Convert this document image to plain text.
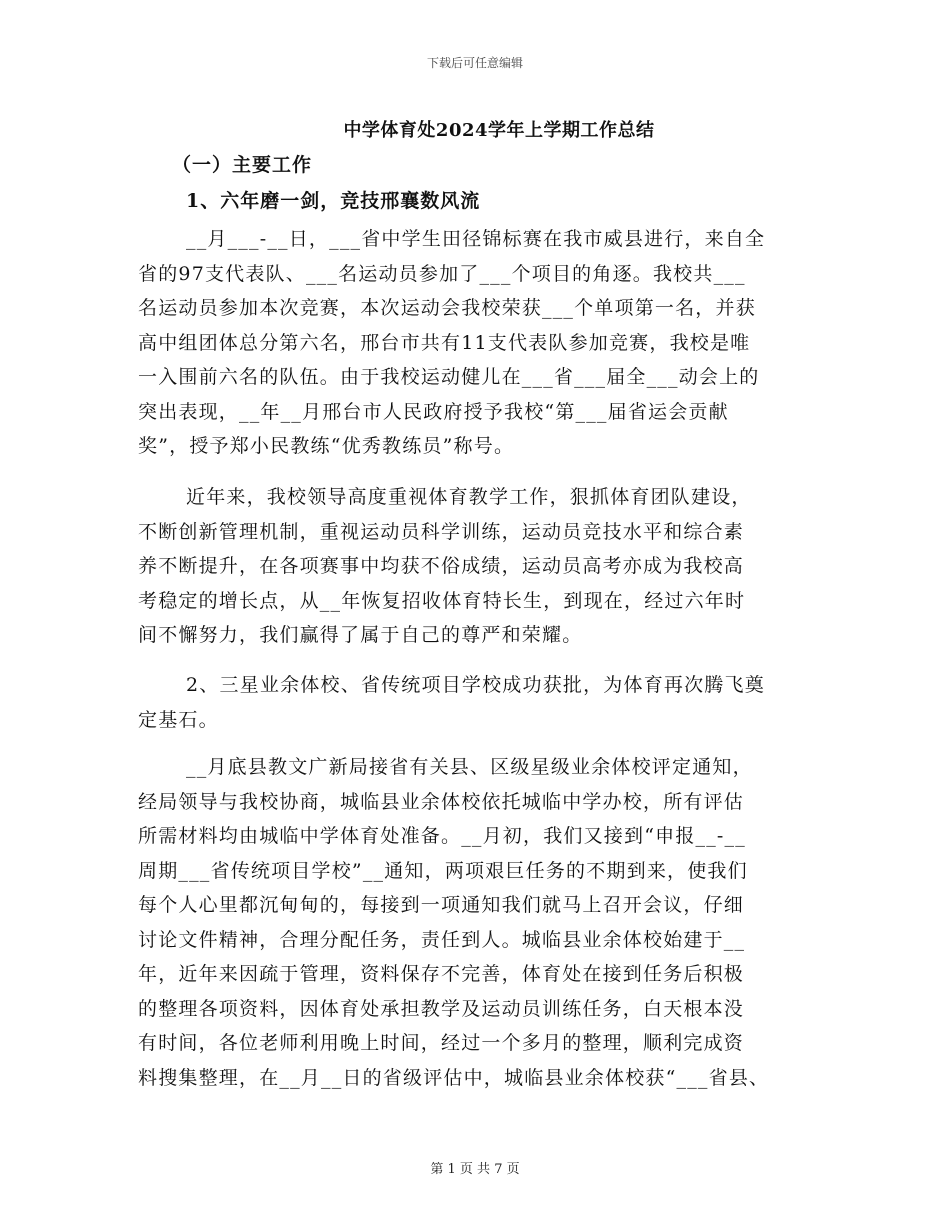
下载后可任意编辑
中学体育处2024学年上学期工作总结
（一）主要工作
1、六年磨一剑，竞技邢襄数风流
__月___-__日，___省中学生田径锦标赛在我市威县进行，来自全
省的97支代表队、___名运动员参加了___个项目的角逐。我校共___
名运动员参加本次竞赛，本次运动会我校荣获___个单项第一名，并获
高中组团体总分第六名，邢台市共有11支代表队参加竞赛，我校是唯
一入围前六名的队伍。由于我校运动健儿在___省___届全___动会上的
突出表现，__年__月邢台市人民政府授予我校“第___届省运会贡献
奖”，授予郑小民教练“优秀教练员”称号。
近年来，我校领导高度重视体育教学工作，狠抓体育团队建设，
不断创新管理机制，重视运动员科学训练，运动员竞技水平和综合素
养不断提升，在各项赛事中均获不俗成绩，运动员高考亦成为我校高
考稳定的增长点，从__年恢复招收体育特长生，到现在，经过六年时
间不懈努力，我们赢得了属于自己的尊严和荣耀。
2、三星业余体校、省传统项目学校成功获批，为体育再次腾飞奠
定基石。
__月底县教文广新局接省有关县、区级星级业余体校评定通知，
经局领导与我校协商，城临县业余体校依托城临中学办校，所有评估
所需材料均由城临中学体育处准备。__月初，我们又接到“申报__-__
周期___省传统项目学校”__通知，两项艰巨任务的不期到来，使我们
每个人心里都沉甸甸的，每接到一项通知我们就马上召开会议，仔细
讨论文件精神，合理分配任务，责任到人。城临县业余体校始建于__
年，近年来因疏于管理，资料保存不完善，体育处在接到任务后积极
的整理各项资料，因体育处承担教学及运动员训练任务，白天根本没
有时间，各位老师利用晚上时间，经过一个多月的整理，顺利完成资
料搜集整理，在__月__日的省级评估中，城临县业余体校获“___省县、
第 1 页 共 7 页
